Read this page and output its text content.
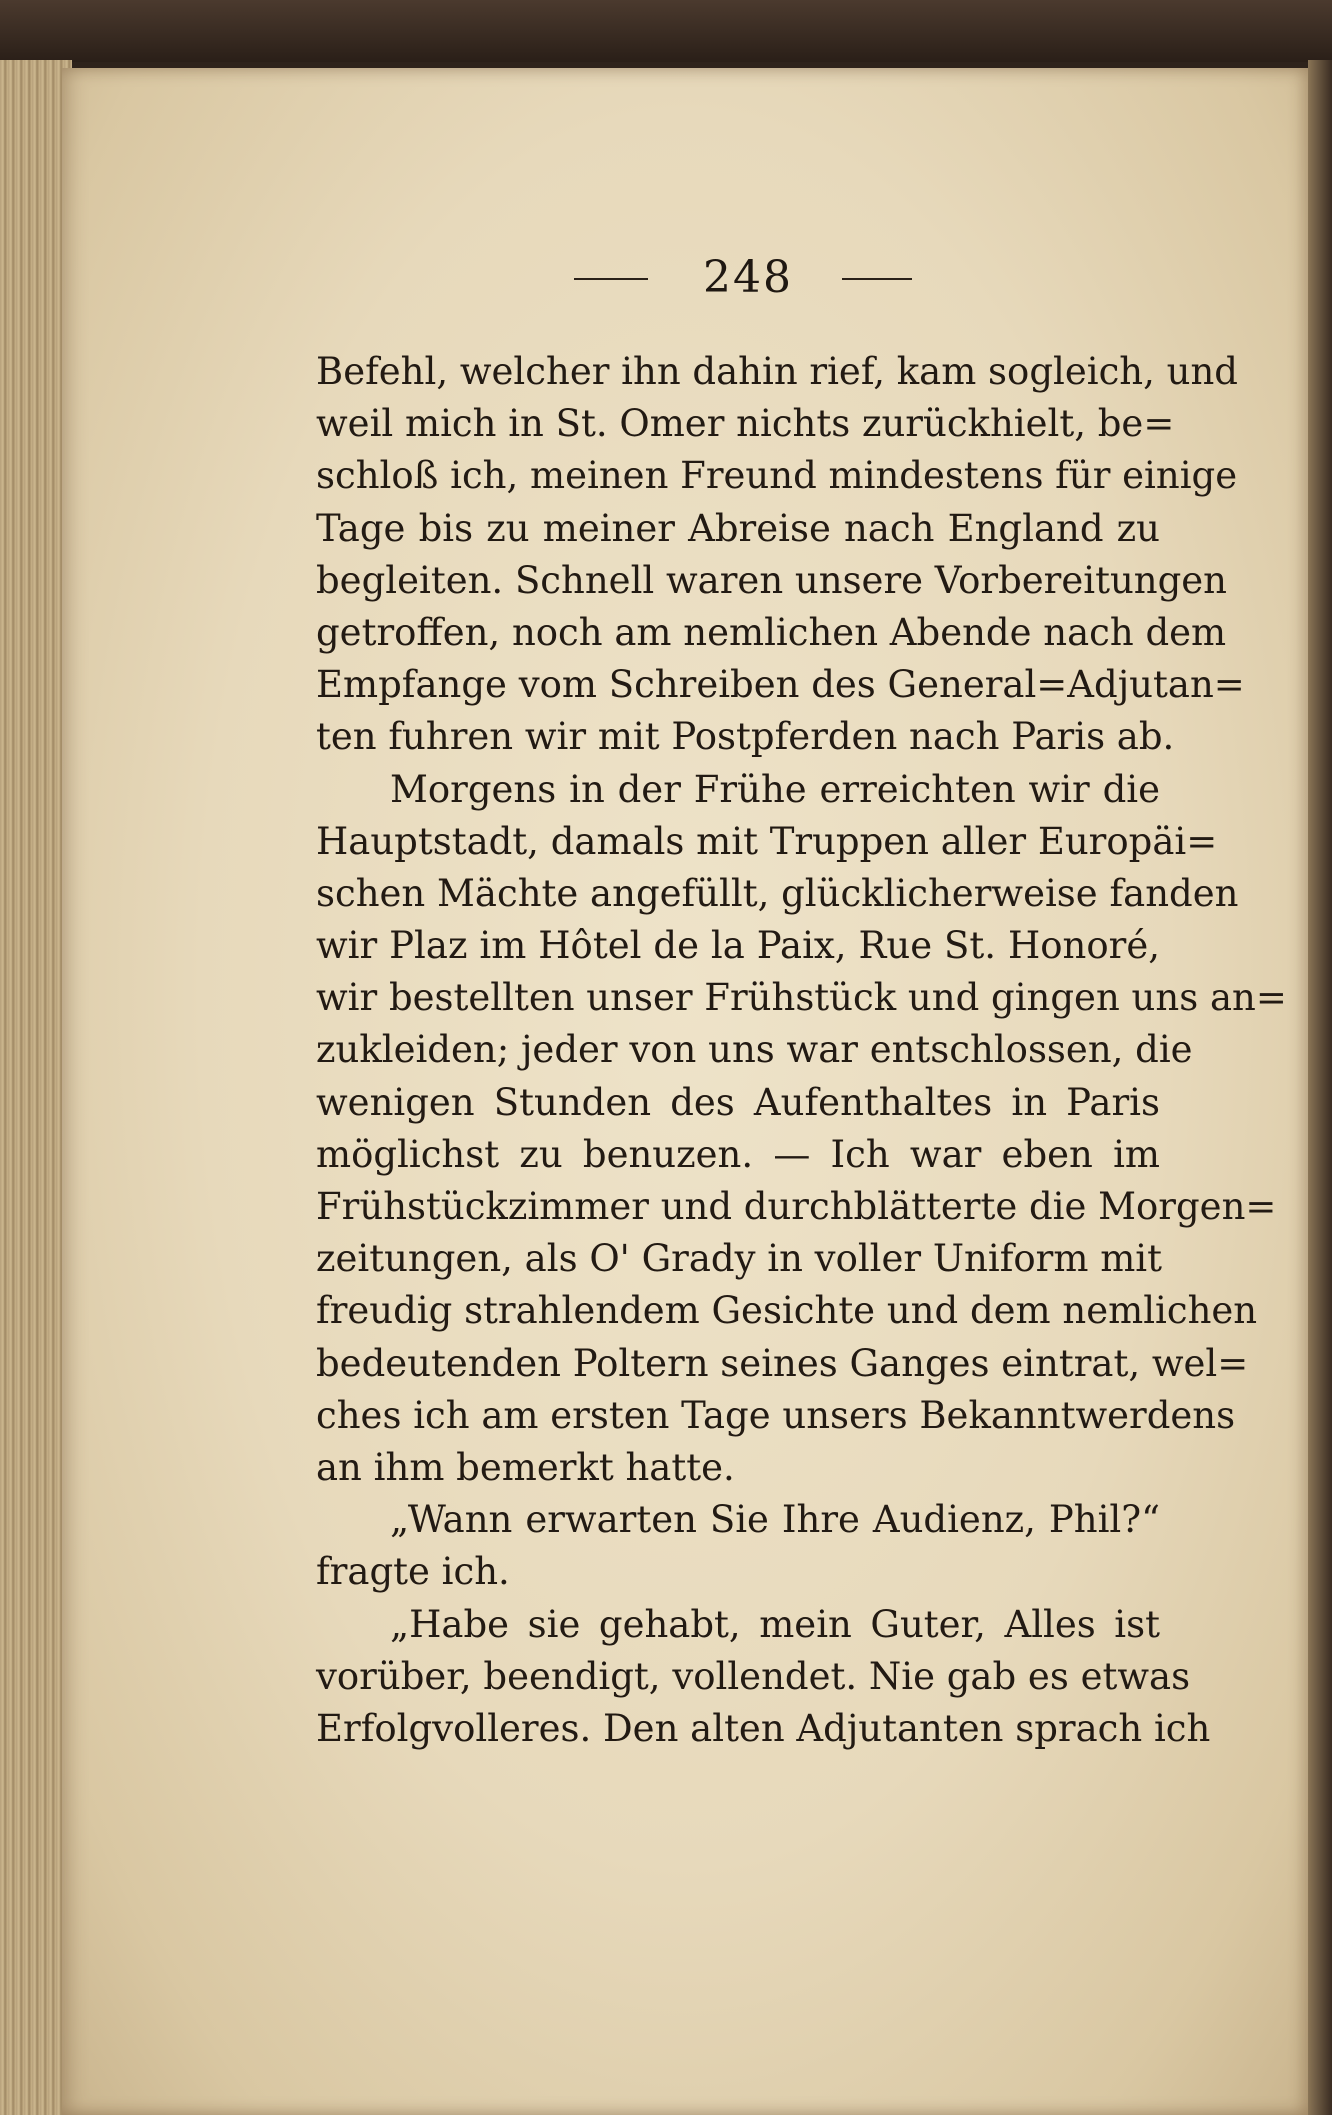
248
Befehl, welcher ihn dahin rief, kam sogleich, und
weil mich in St. Omer nichts zurückhielt, be=
schloß ich, meinen Freund mindestens für einige
Tage bis zu meiner Abreise nach England zu
begleiten. Schnell waren unsere Vorbereitungen
getroffen, noch am nemlichen Abende nach dem
Empfange vom Schreiben des General=Adjutan=
ten fuhren wir mit Postpferden nach Paris ab.
Morgens in der Frühe erreichten wir die
Hauptstadt, damals mit Truppen aller Europäi=
schen Mächte angefüllt, glücklicherweise fanden
wir Plaz im Hôtel de la Paix, Rue St. Honoré,
wir bestellten unser Frühstück und gingen uns an=
zukleiden; jeder von uns war entschlossen, die
wenigen Stunden des Aufenthaltes in Paris
möglichst zu benuzen. — Ich war eben im
Frühstückzimmer und durchblätterte die Morgen=
zeitungen, als O' Grady in voller Uniform mit
freudig strahlendem Gesichte und dem nemlichen
bedeutenden Poltern seines Ganges eintrat, wel=
ches ich am ersten Tage unsers Bekanntwerdens
an ihm bemerkt hatte.
„Wann erwarten Sie Ihre Audienz, Phil?“
fragte ich.
„Habe sie gehabt, mein Guter, Alles ist
vorüber, beendigt, vollendet. Nie gab es etwas
Erfolgvolleres. Den alten Adjutanten sprach ich
